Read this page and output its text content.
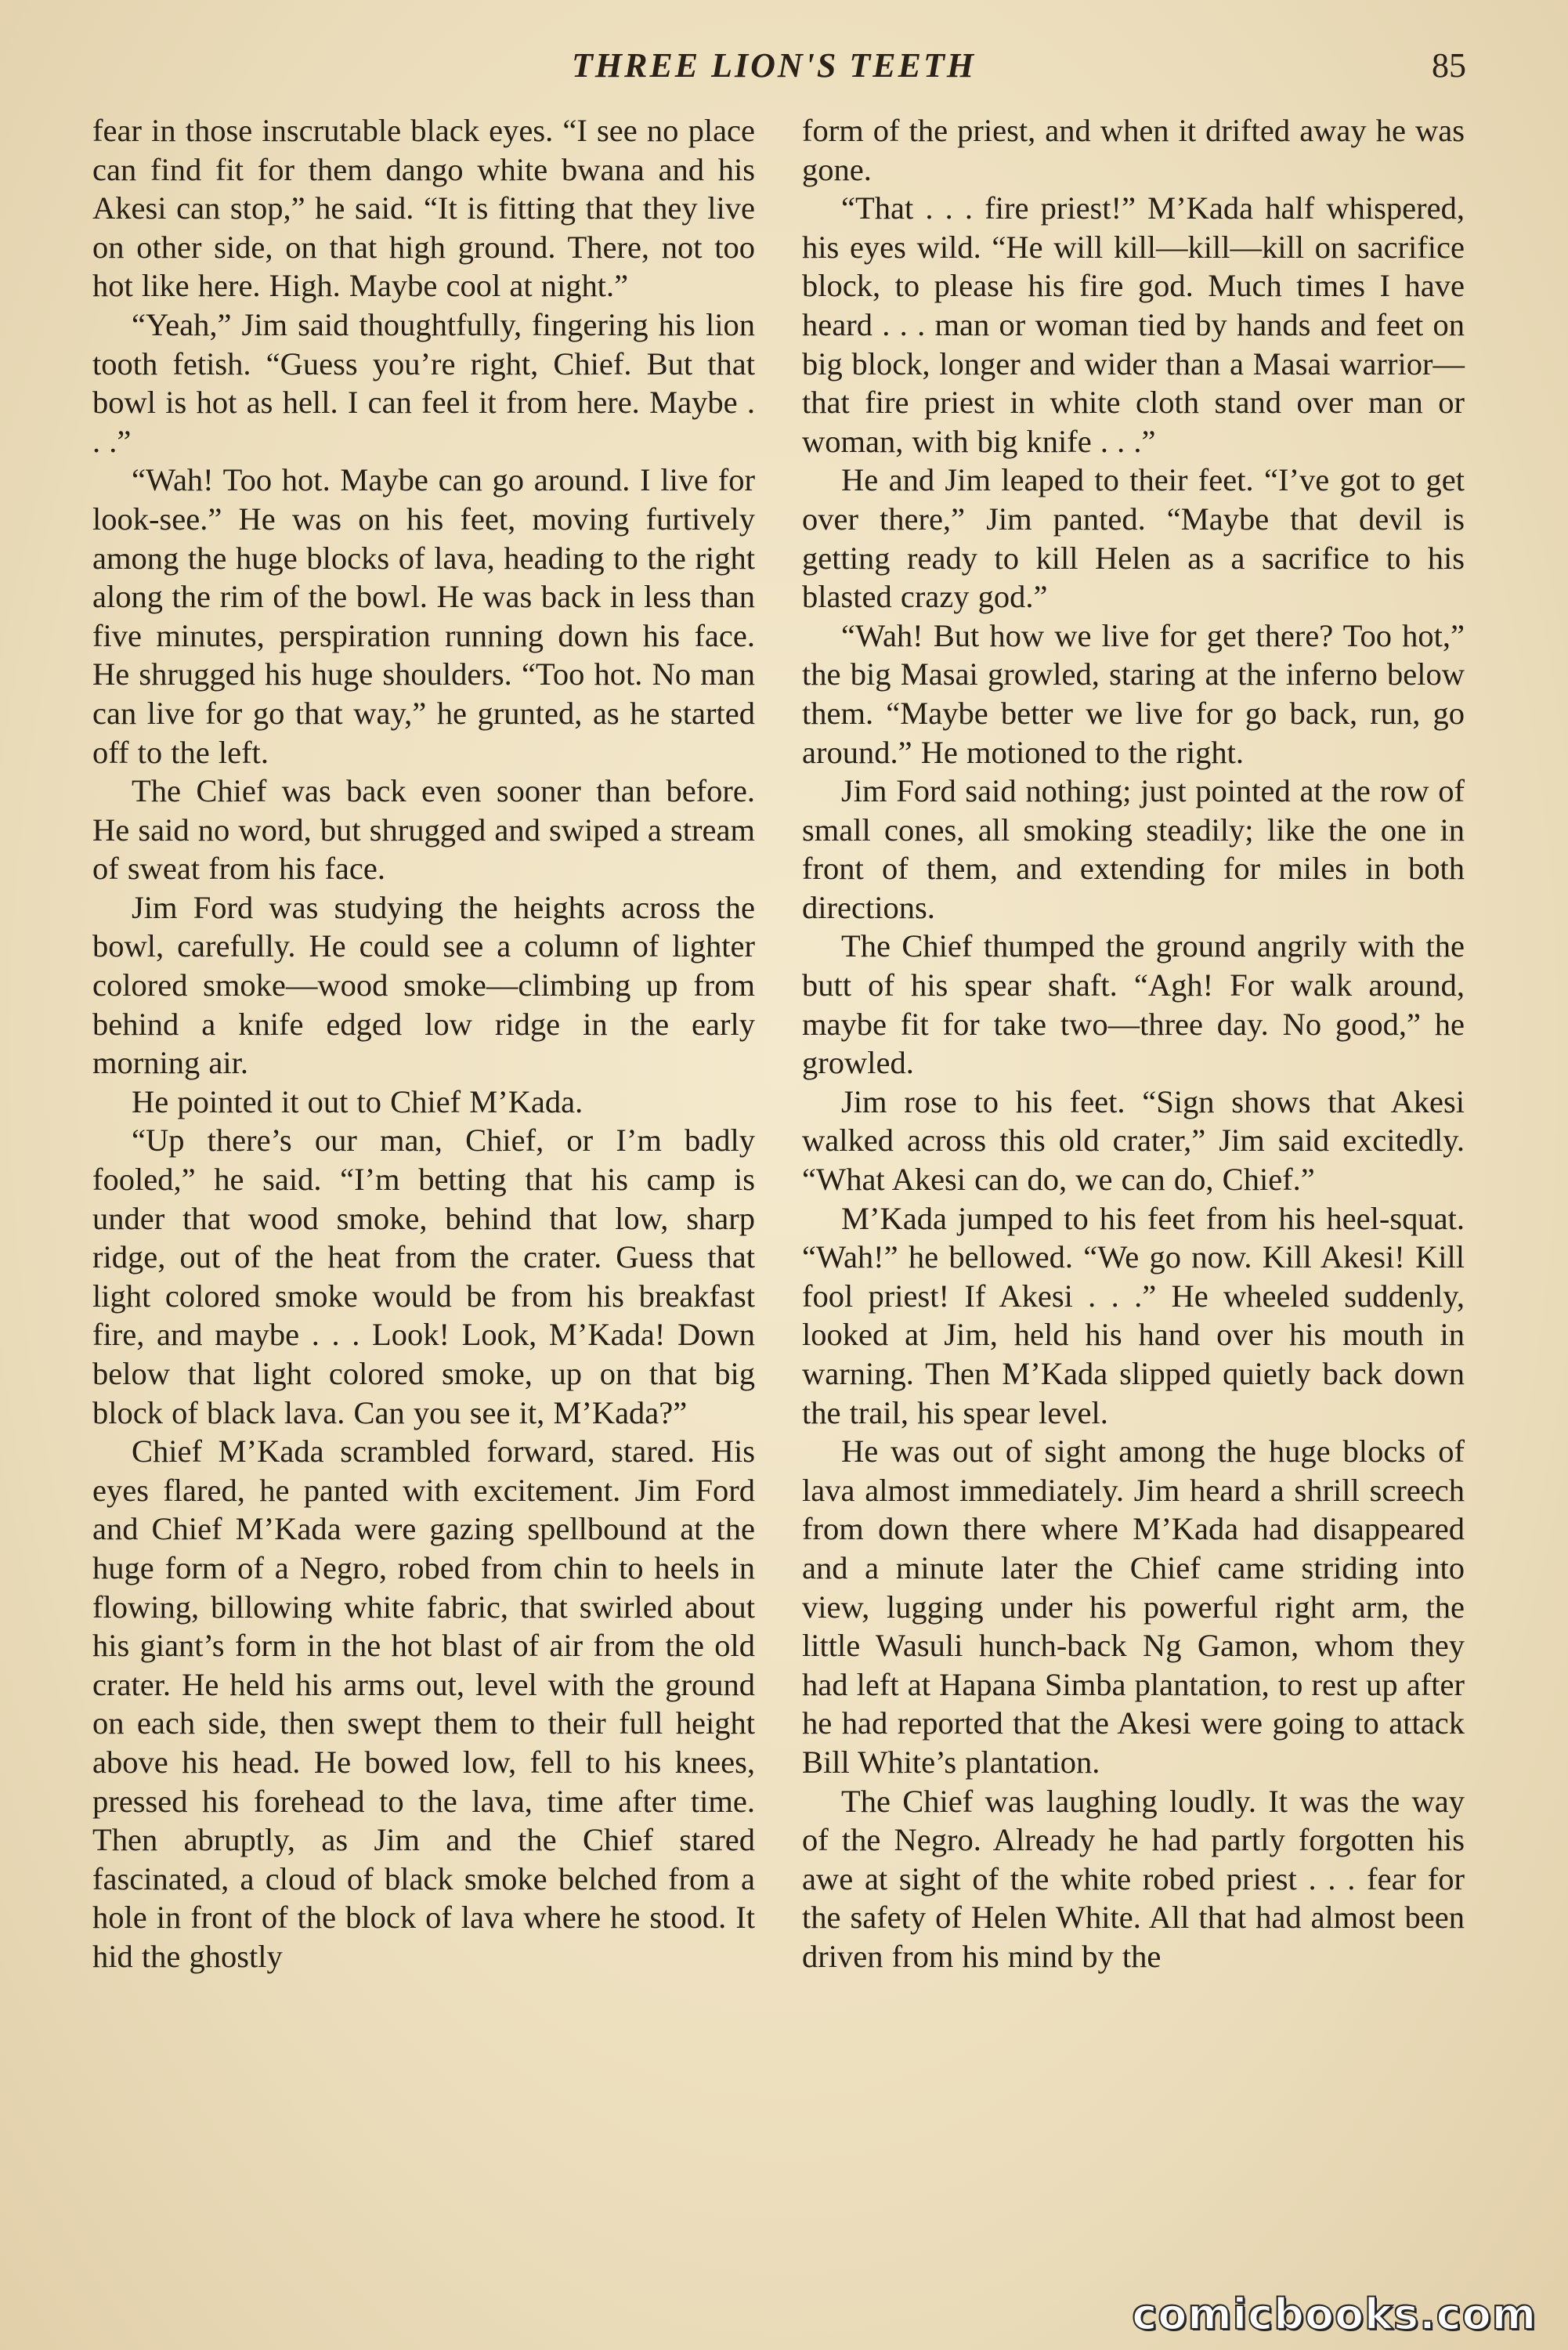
THREE LION'S TEETH	85

fear in those inscrutable black eyes. “I see no place can find fit for them dango white bwana and his Akesi can stop,” he said. “It is fitting that they live on other side, on that high ground. There, not too hot like here. High. Maybe cool at night.”

“Yeah,” Jim said thoughtfully, fingering his lion tooth fetish. “Guess you’re right, Chief. But that bowl is hot as hell. I can feel it from here. Maybe . . .”

“Wah! Too hot. Maybe can go around. I live for look-see.” He was on his feet, moving furtively among the huge blocks of lava, heading to the right along the rim of the bowl. He was back in less than five minutes, perspiration running down his face. He shrugged his huge shoulders. “Too hot. No man can live for go that way,” he grunted, as he started off to the left.

The Chief was back even sooner than before. He said no word, but shrugged and swiped a stream of sweat from his face.

Jim Ford was studying the heights across the bowl, carefully. He could see a column of lighter colored smoke—wood smoke—climbing up from behind a knife edged low ridge in the early morning air.

He pointed it out to Chief M’Kada.

“Up there’s our man, Chief, or I’m badly fooled,” he said. “I’m betting that his camp is under that wood smoke, behind that low, sharp ridge, out of the heat from the crater. Guess that light colored smoke would be from his breakfast fire, and maybe . . . Look! Look, M’Kada! Down below that light colored smoke, up on that big block of black lava. Can you see it, M’Kada?”

Chief M’Kada scrambled forward, stared. His eyes flared, he panted with excitement. Jim Ford and Chief M’Kada were gazing spellbound at the huge form of a Negro, robed from chin to heels in flowing, billowing white fabric, that swirled about his giant’s form in the hot blast of air from the old crater. He held his arms out, level with the ground on each side, then swept them to their full height above his head. He bowed low, fell to his knees, pressed his forehead to the lava, time after time. Then abruptly, as Jim and the Chief stared fascinated, a cloud of black smoke belched from a hole in front of the block of lava where he stood. It hid the ghostly

form of the priest, and when it drifted away he was gone.

“That . . . fire priest!” M’Kada half whispered, his eyes wild. “He will kill—kill—kill on sacrifice block, to please his fire god. Much times I have heard . . . man or woman tied by hands and feet on big block, longer and wider than a Masai warrior—that fire priest in white cloth stand over man or woman, with big knife . . .”

He and Jim leaped to their feet. “I’ve got to get over there,” Jim panted. “Maybe that devil is getting ready to kill Helen as a sacrifice to his blasted crazy god.”

“Wah! But how we live for get there? Too hot,” the big Masai growled, staring at the inferno below them. “Maybe better we live for go back, run, go around.” He motioned to the right.

Jim Ford said nothing; just pointed at the row of small cones, all smoking steadily; like the one in front of them, and extending for miles in both directions.

The Chief thumped the ground angrily with the butt of his spear shaft. “Agh! For walk around, maybe fit for take two—three day. No good,” he growled.

Jim rose to his feet. “Sign shows that Akesi walked across this old crater,” Jim said excitedly. “What Akesi can do, we can do, Chief.”

M’Kada jumped to his feet from his heel-squat. “Wah!” he bellowed. “We go now. Kill Akesi! Kill fool priest! If Akesi . . .” He wheeled suddenly, looked at Jim, held his hand over his mouth in warning. Then M’Kada slipped quietly back down the trail, his spear level.

He was out of sight among the huge blocks of lava almost immediately. Jim heard a shrill screech from down there where M’Kada had disappeared and a minute later the Chief came striding into view, lugging under his powerful right arm, the little Wasuli hunch-back Ng Gamon, whom they had left at Hapana Simba plantation, to rest up after he had reported that the Akesi were going to attack Bill White’s plantation.

The Chief was laughing loudly. It was the way of the Negro. Already he had partly forgotten his awe at sight of the white robed priest . . . fear for the safety of Helen White. All that had almost been driven from his mind by the

comicbooks.com
